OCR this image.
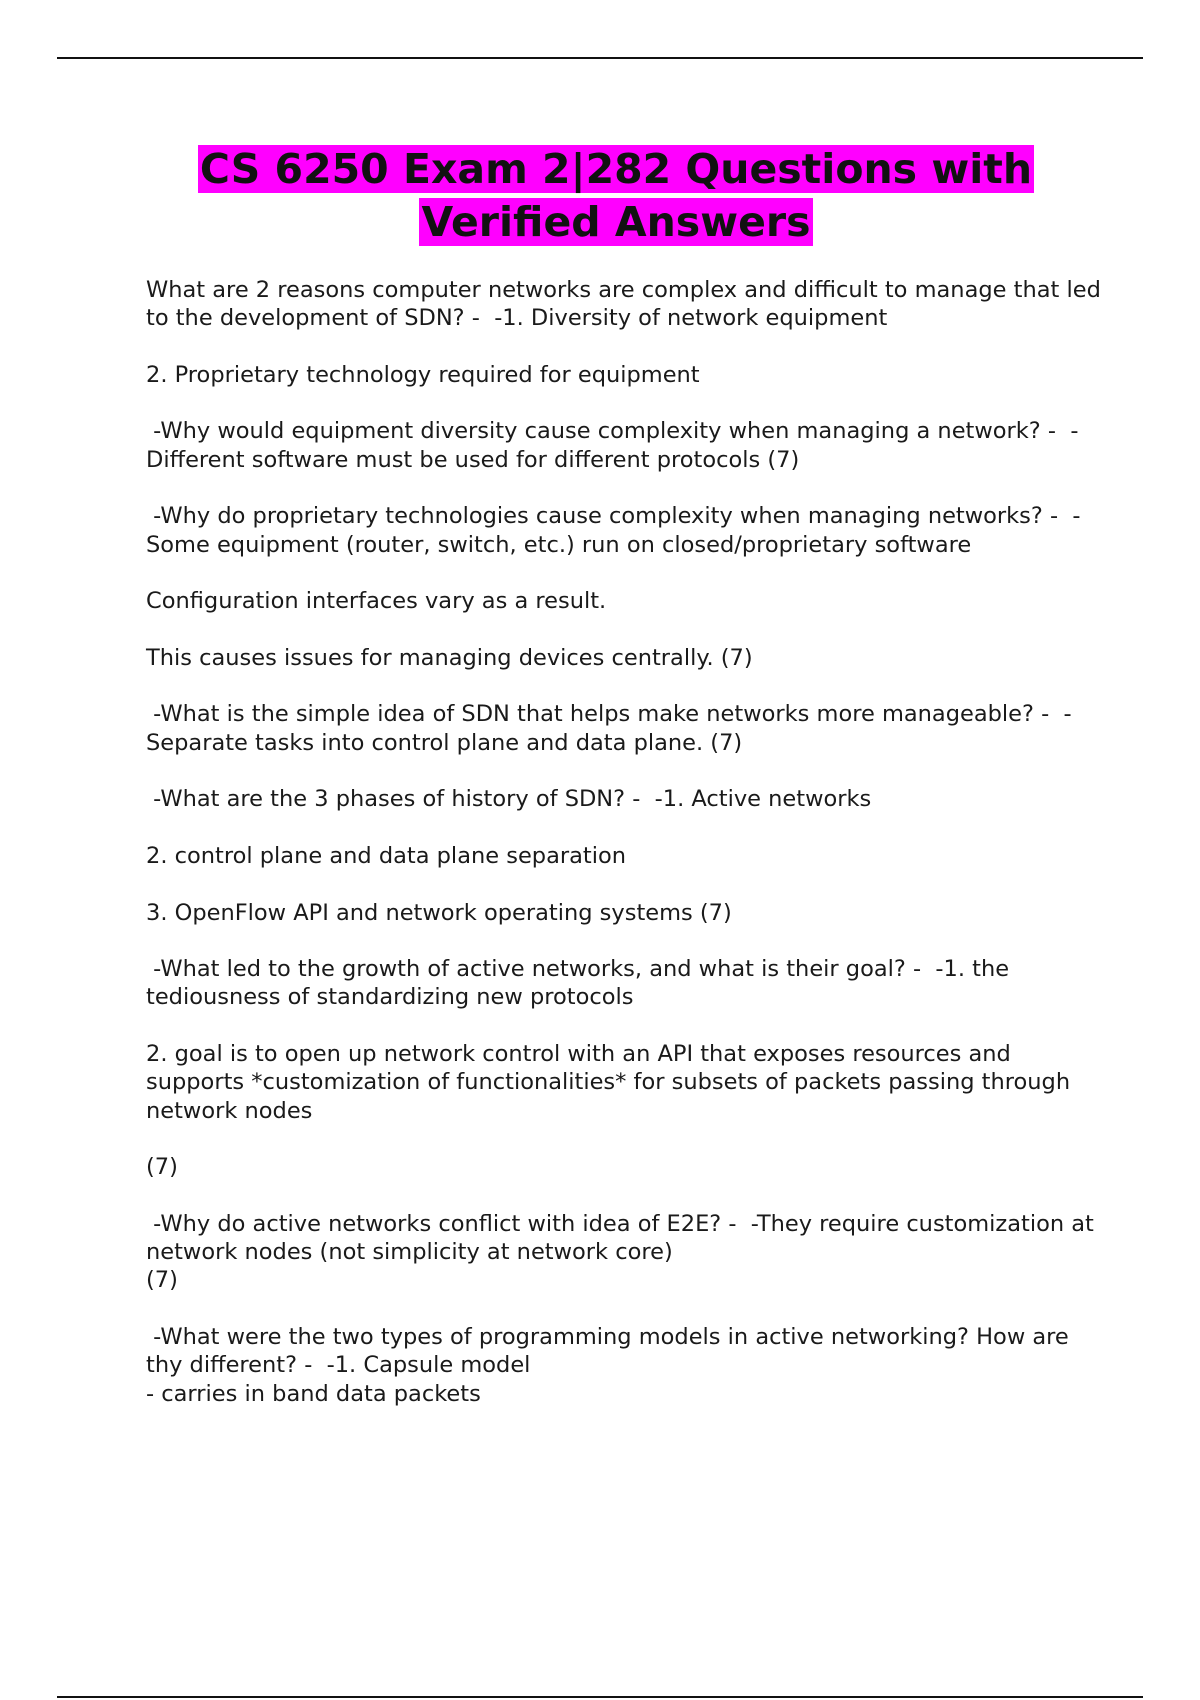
CS 6250 Exam 2|282 Questions with
Verified Answers

What are 2 reasons computer networks are complex and difficult to manage that led to the development of SDN? -  -1. Diversity of network equipment

2. Proprietary technology required for equipment

-Why would equipment diversity cause complexity when managing a network? -  -Different software must be used for different protocols (7)

-Why do proprietary technologies cause complexity when managing networks? -  -Some equipment (router, switch, etc.) run on closed/proprietary software

Configuration interfaces vary as a result.

This causes issues for managing devices centrally. (7)

-What is the simple idea of SDN that helps make networks more manageable? -  -Separate tasks into control plane and data plane. (7)

-What are the 3 phases of history of SDN? -  -1. Active networks

2. control plane and data plane separation

3. OpenFlow API and network operating systems (7)

-What led to the growth of active networks, and what is their goal? -  -1. the tediousness of standardizing new protocols

2. goal is to open up network control with an API that exposes resources and supports *customization of functionalities* for subsets of packets passing through network nodes

(7)

-Why do active networks conflict with idea of E2E? -  -They require customization at network nodes (not simplicity at network core)
(7)

-What were the two types of programming models in active networking? How are thy different? -  -1. Capsule model
- carries in band data packets
